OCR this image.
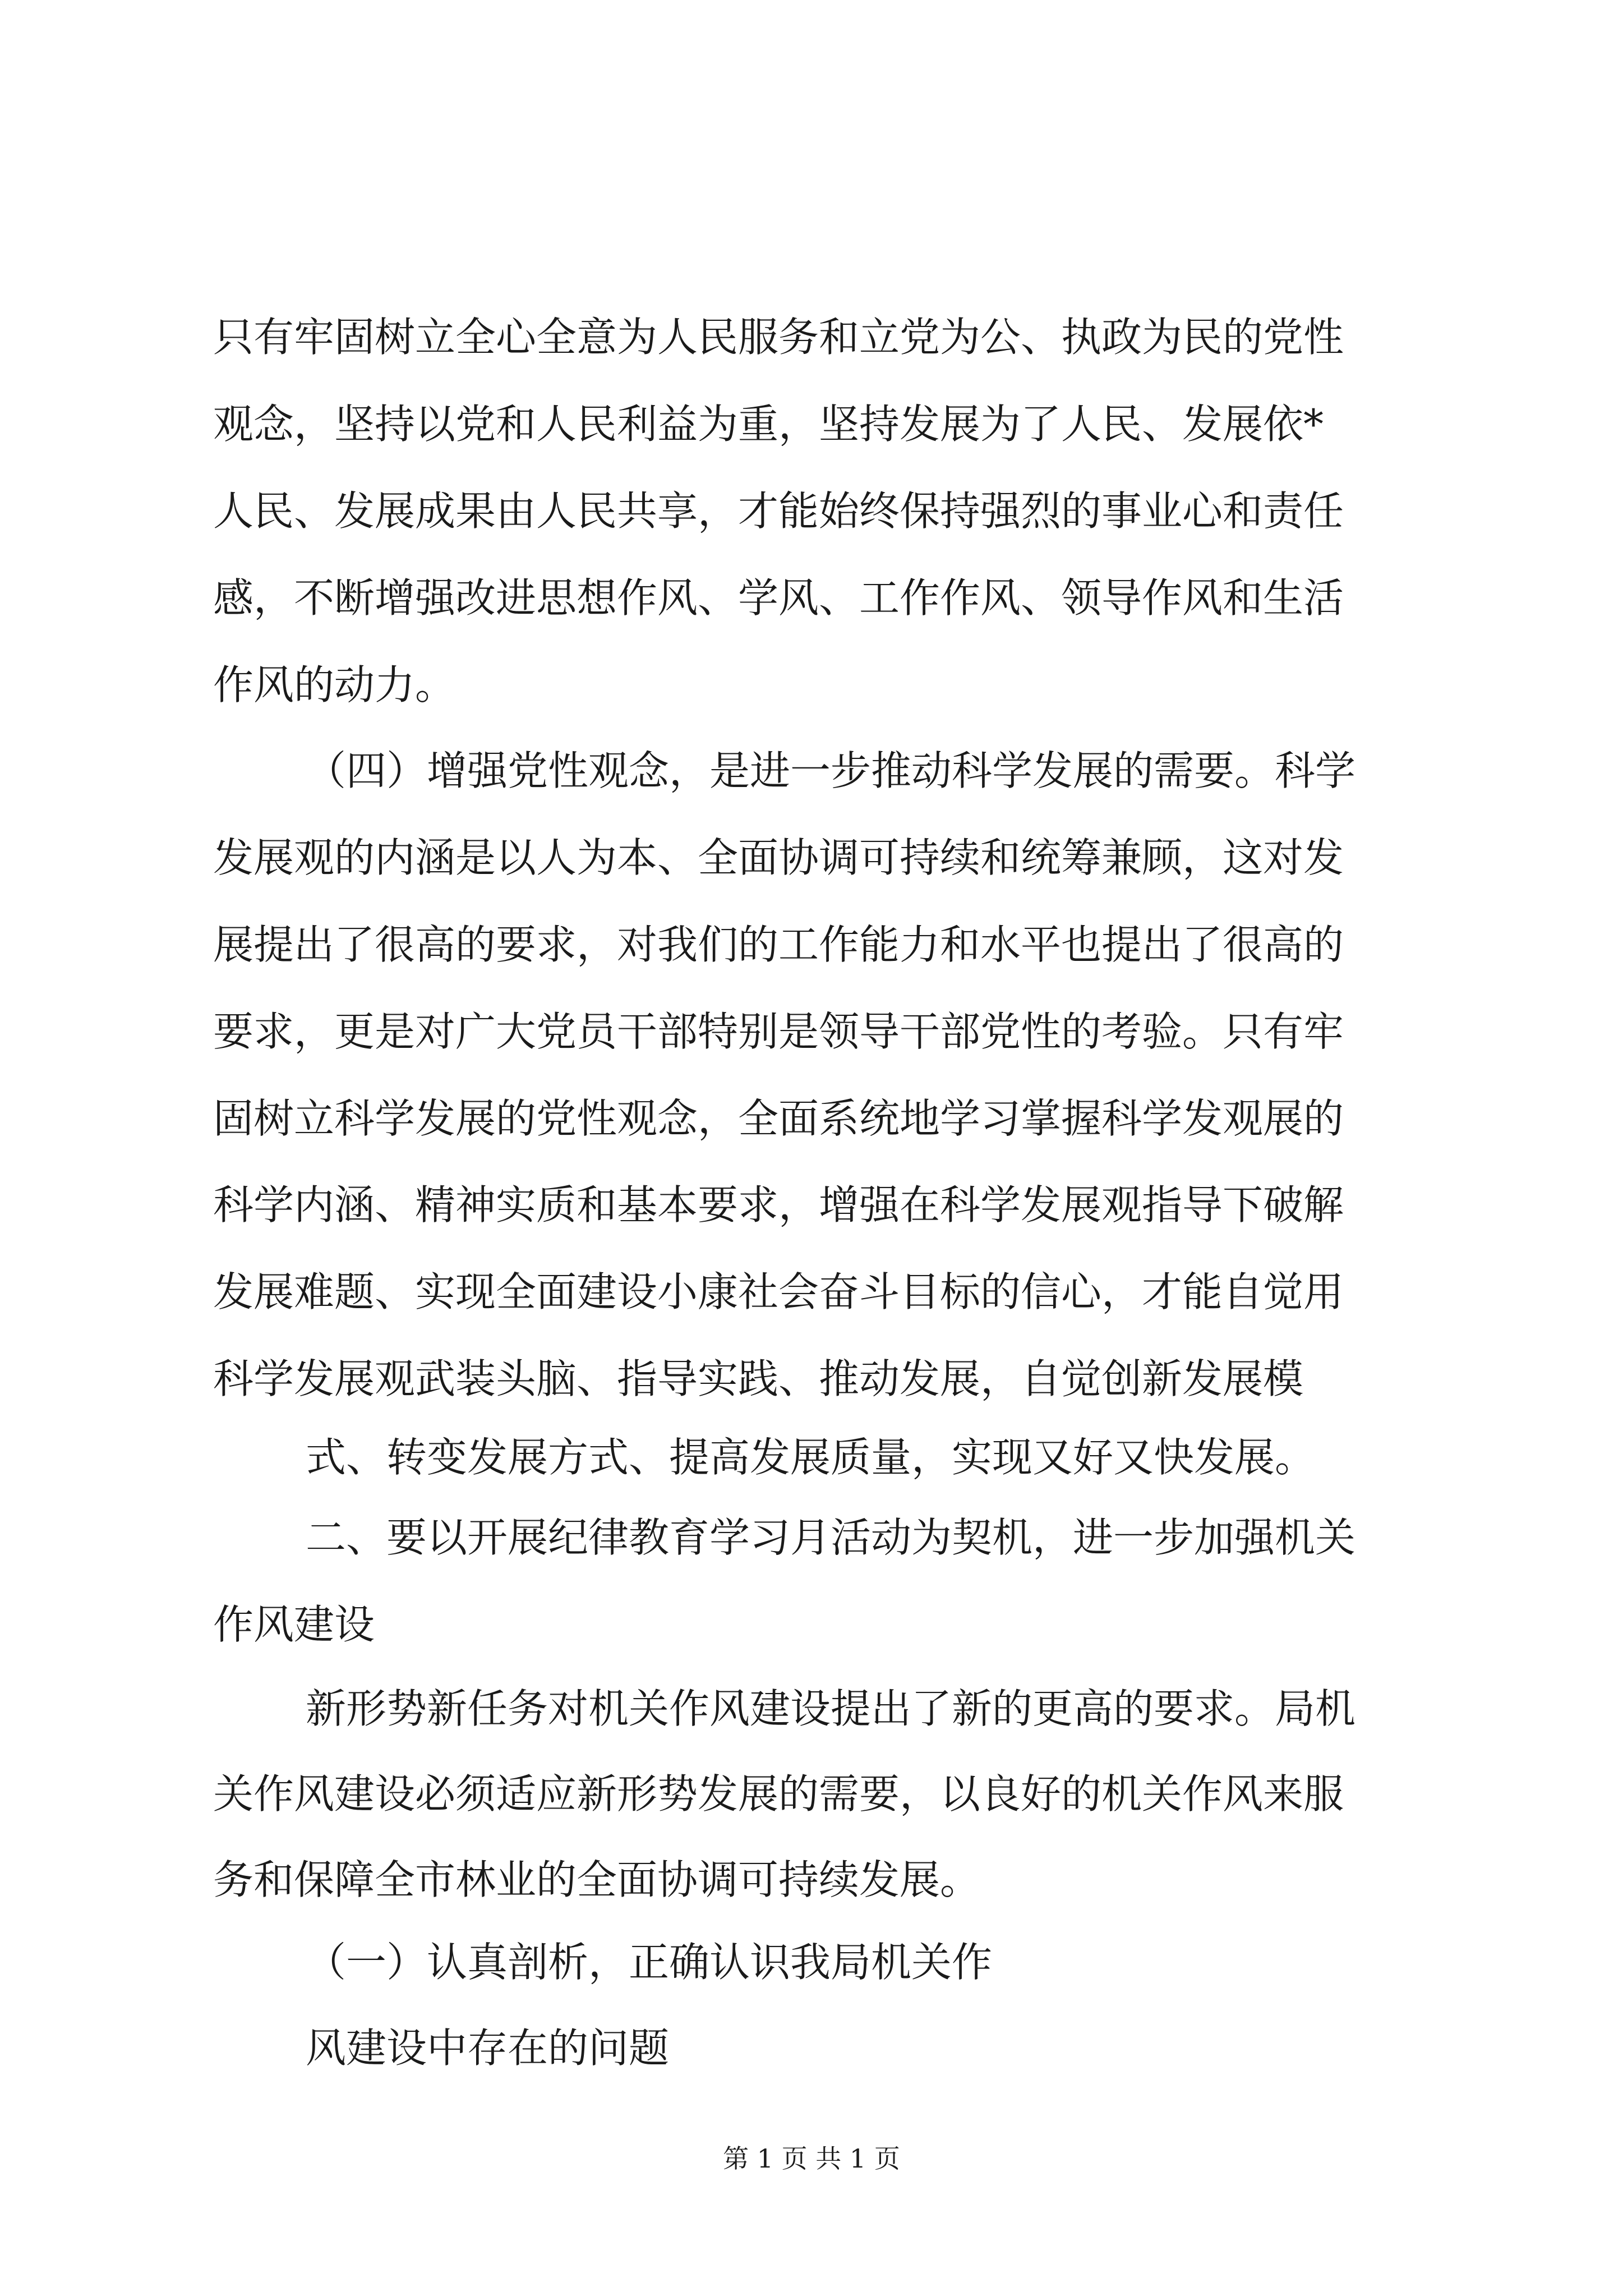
只有牢固树立全心全意为人民服务和立党为公、执政为民的党性

观念，坚持以党和人民利益为重，坚持发展为了人民、发展依*

人民、发展成果由人民共享，才能始终保持强烈的事业心和责任

感，不断增强改进思想作风、学风、工作作风、领导作风和生活

作风的动力。

（四）增强党性观念，是进一步推动科学发展的需要。科学

发展观的内涵是以人为本、全面协调可持续和统筹兼顾，这对发

展提出了很高的要求，对我们的工作能力和水平也提出了很高的

要求，更是对广大党员干部特别是领导干部党性的考验。只有牢

固树立科学发展的党性观念，全面系统地学习掌握科学发观展的

科学内涵、精神实质和基本要求，增强在科学发展观指导下破解

发展难题、实现全面建设小康社会奋斗目标的信心，才能自觉用

科学发展观武装头脑、指导实践、推动发展，自觉创新发展模

式、转变发展方式、提高发展质量，实现又好又快发展。

二、要以开展纪律教育学习月活动为契机，进一步加强机关

作风建设

新形势新任务对机关作风建设提出了新的更高的要求。局机

关作风建设必须适应新形势发展的需要，以良好的机关作风来服

务和保障全市林业的全面协调可持续发展。

（一）认真剖析，正确认识我局机关作

风建设中存在的问题

第 1 页 共 1 页
